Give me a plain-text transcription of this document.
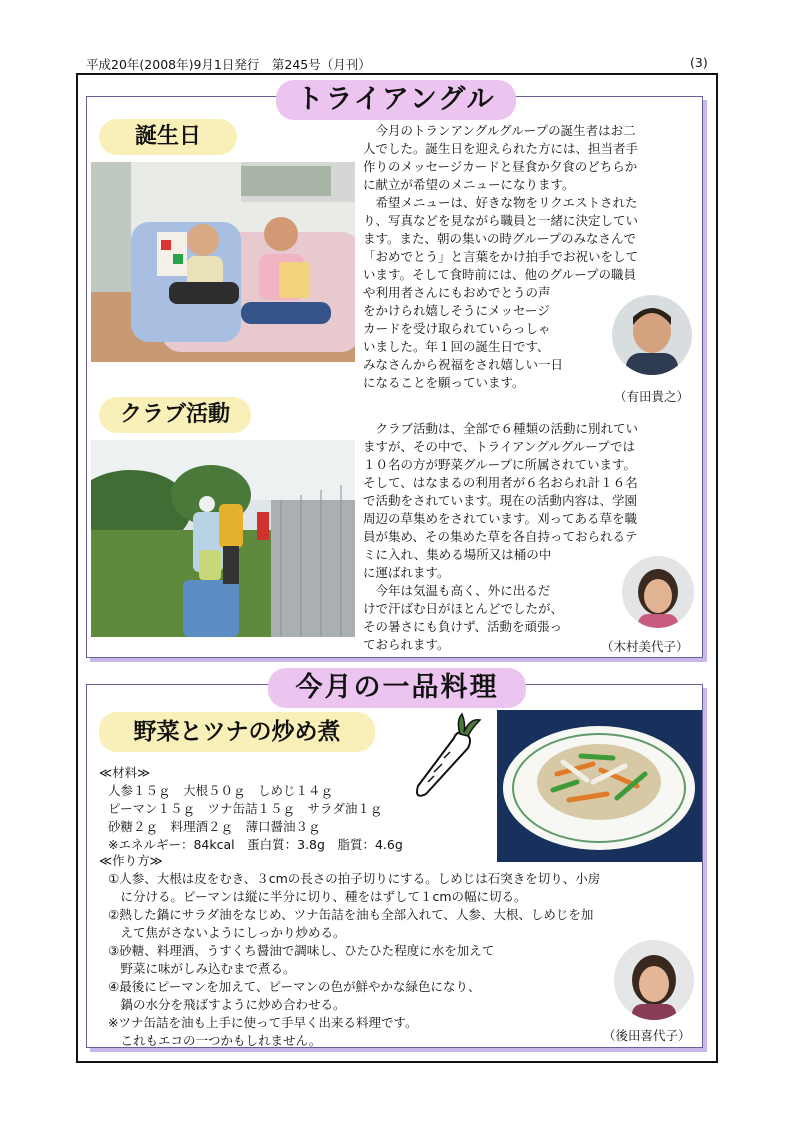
平成20年(2008年)9月1日発行　第245号（月刊）	(3)
トライアングル
誕生日	　今月のトランアングルグループの誕生者はお二
人でした。誕生日を迎えられた方には、担当者手
作りのメッセージカードと昼食か夕食のどちらか
に献立が希望のメニューになります。
　希望メニューは、好きな物をリクエストされた
り、写真などを見ながら職員と一緒に決定してい
ます。また、朝の集いの時グループのみなさんで
「おめでとう」と言葉をかけ拍手でお祝いをして
います。そして食時前には、他のグループの職員
や利用者さんにもおめでとうの声
をかけられ嬉しそうにメッセージ
カードを受け取られていらっしゃ
いました。年１回の誕生日です、
みなさんから祝福をされ嬉しい一日
になることを願っています。
（有田貴之）
クラブ活動
　クラブ活動は、全部で６種類の活動に別れてい
ますが、その中で、トライアングルグループでは
１０名の方が野菜グループに所属されています。
そして、はなまるの利用者が６名おられ計１６名
で活動をされています。現在の活動内容は、学園
周辺の草集めをされています。刈ってある草を職
員が集め、その集めた草を各自持っておられるテ
ミに入れ、集める場所又は桶の中
に運ばれます。
　今年は気温も高く、外に出るだ
けで汗ばむ日がほとんどでしたが、
その暑さにも負けず、活動を頑張っ
ておられます。	（木村美代子）
今月の一品料理
野菜とツナの炒め煮
≪材料≫
人参１５ｇ　大根５０ｇ　しめじ１４ｇ
ピーマン１５ｇ　ツナ缶詰１５ｇ　サラダ油１ｇ
砂糖２ｇ　料理酒２ｇ　薄口醤油３ｇ
※エネルギー：84kcal　蛋白質：3.8g　脂質：4.6g
≪作り方≫
①人参、大根は皮をむき、３cmの長さの拍子切りにする。しめじは石突きを切り、小房
　に分ける。ピーマンは縦に半分に切り、種をはずして１cmの幅に切る。
②熱した鍋にサラダ油をなじめ、ツナ缶詰を油も全部入れて、人参、大根、しめじを加
　えて焦がさないようにしっかり炒める。
③砂糖、料理酒、うすくち醤油で調味し、ひたひた程度に水を加えて
　野菜に味がしみ込むまで煮る。
④最後にピーマンを加えて、ピーマンの色が鮮やかな緑色になり、
　鍋の水分を飛ばすように炒め合わせる。
※ツナ缶詰を油も上手に使って手早く出来る料理です。
　これもエコの一つかもしれません。	（後田喜代子）
